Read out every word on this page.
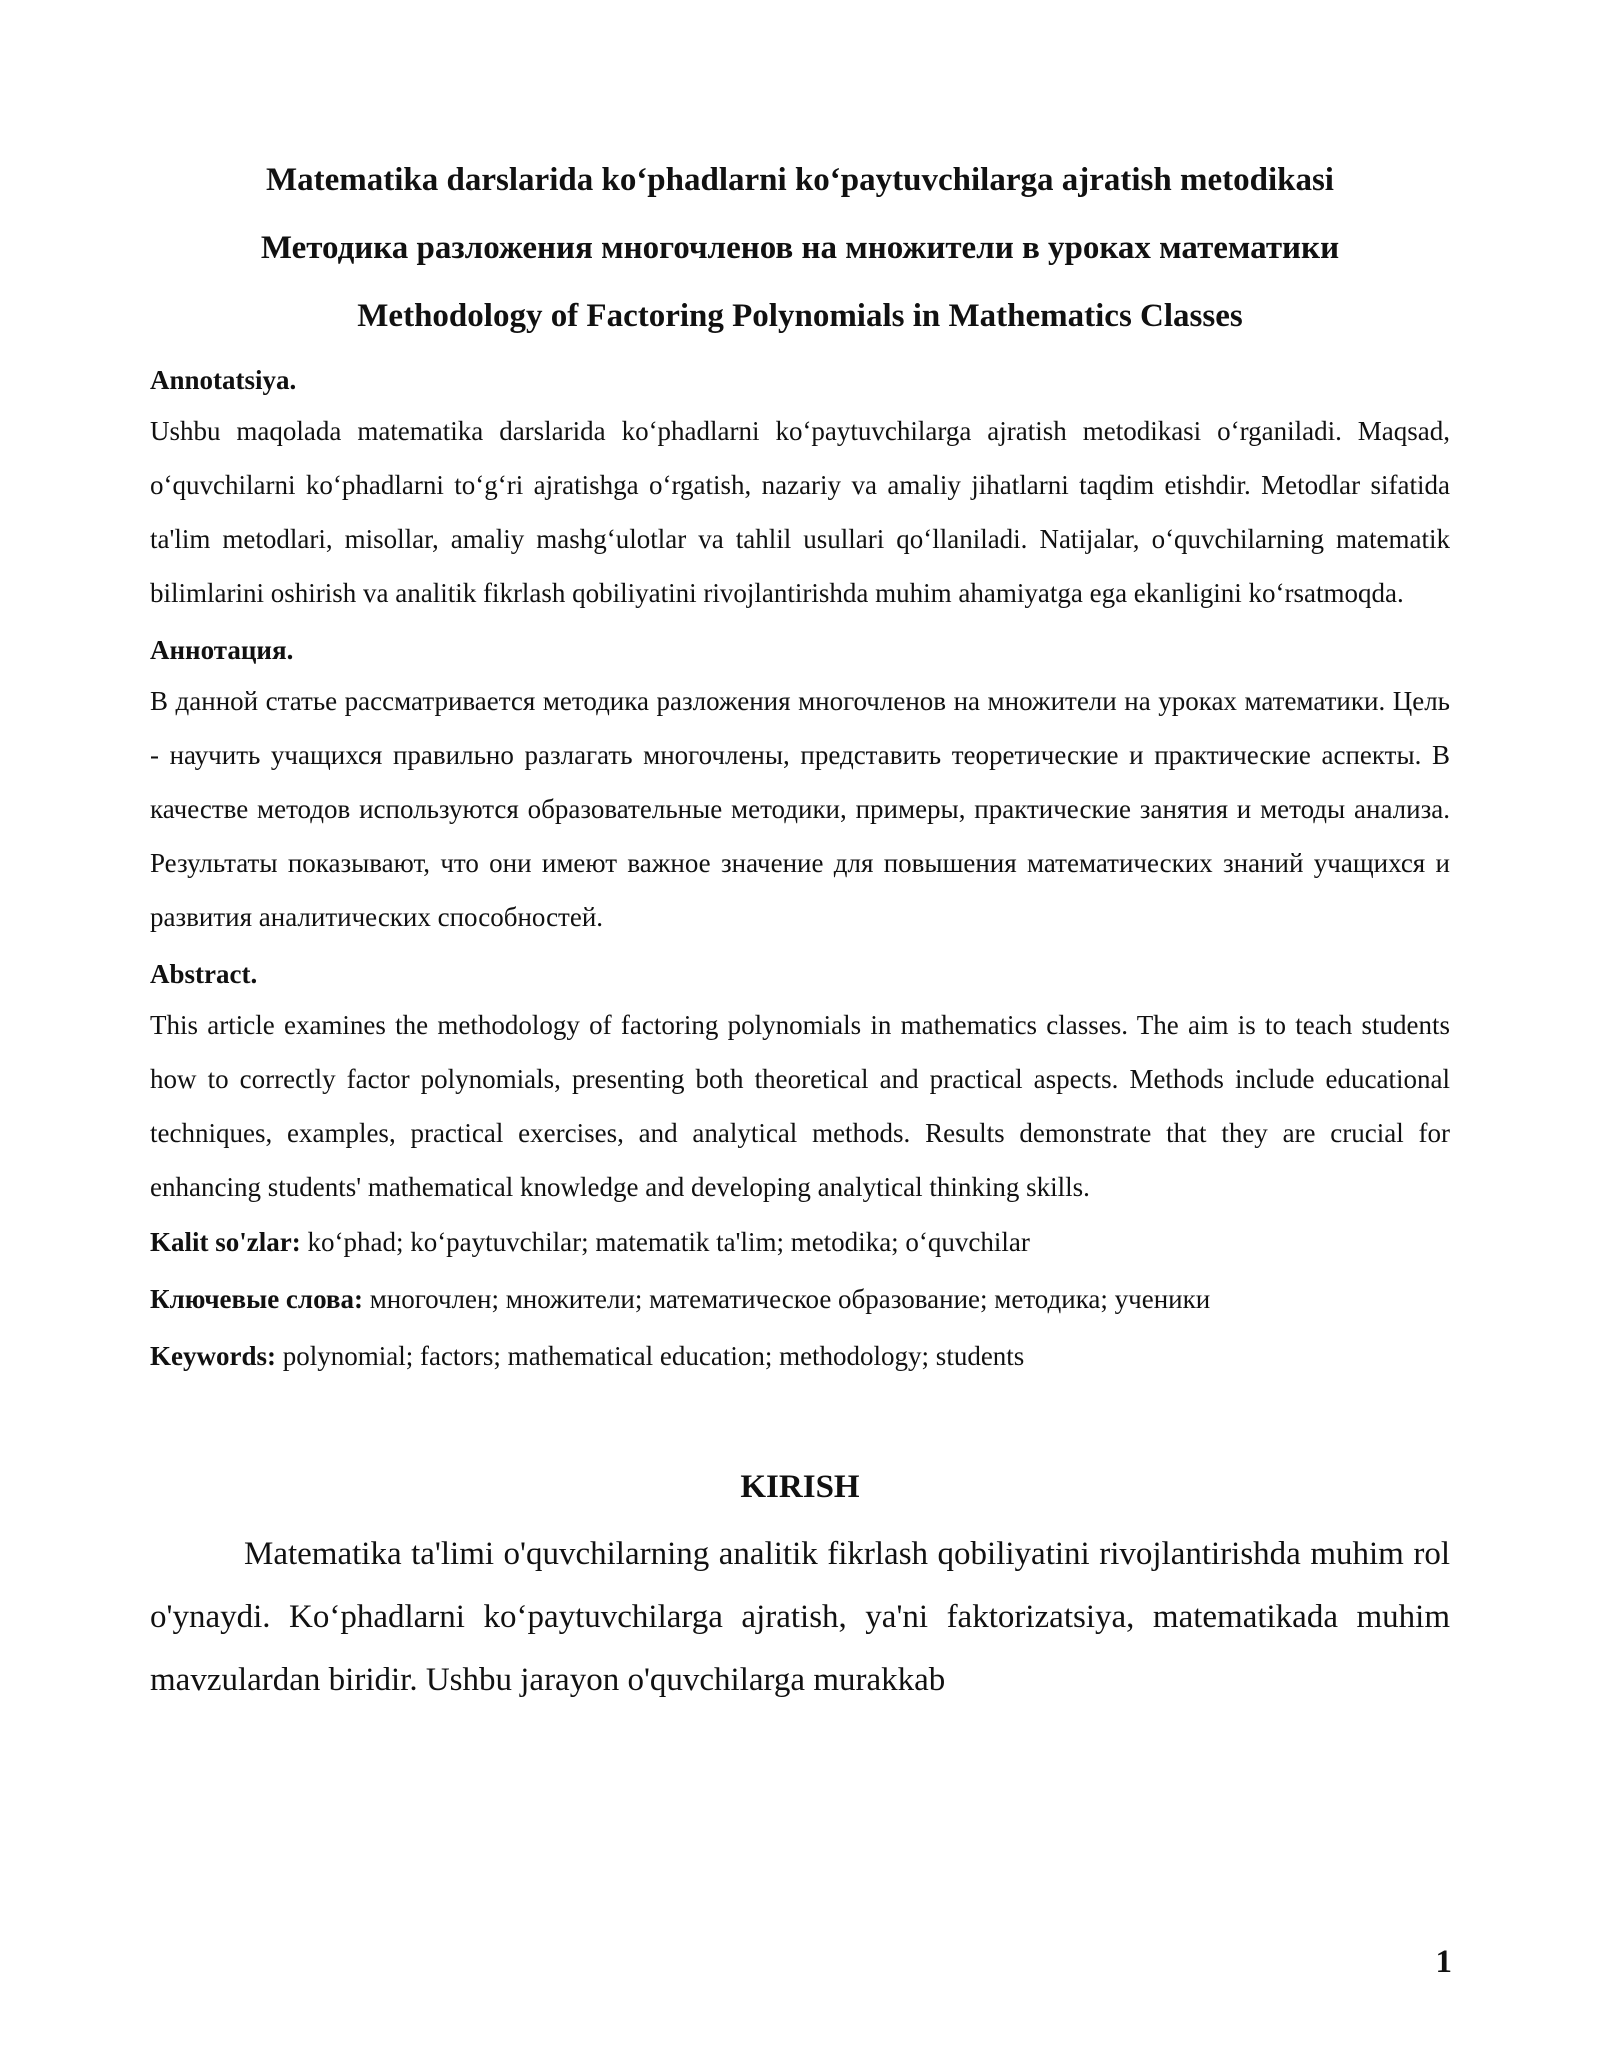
Matematika darslarida koʻphadlarni koʻpaytuvchilarga ajratish metodikasi

Методика разложения многочленов на множители в уроках математики

Methodology of Factoring Polynomials in Mathematics Classes

Annotatsiya.

Ushbu maqolada matematika darslarida koʻphadlarni koʻpaytuvchilarga ajratish metodikasi oʻrganiladi. Maqsad, oʻquvchilarni koʻphadlarni toʻgʻri ajratishga oʻrgatish, nazariy va amaliy jihatlarni taqdim etishdir. Metodlar sifatida ta'lim metodlari, misollar, amaliy mashgʻulotlar va tahlil usullari qoʻllaniladi. Natijalar, oʻquvchilarning matematik bilimlarini oshirish va analitik fikrlash qobiliyatini rivojlantirishda muhim ahamiyatga ega ekanligini koʻrsatmoqda.

Аннотация.

В данной статье рассматривается методика разложения многочленов на множители на уроках математики. Цель - научить учащихся правильно разлагать многочлены, представить теоретические и практические аспекты. В качестве методов используются образовательные методики, примеры, практические занятия и методы анализа. Результаты показывают, что они имеют важное значение для повышения математических знаний учащихся и развития аналитических способностей.

Abstract.

This article examines the methodology of factoring polynomials in mathematics classes. The aim is to teach students how to correctly factor polynomials, presenting both theoretical and practical aspects. Methods include educational techniques, examples, practical exercises, and analytical methods. Results demonstrate that they are crucial for enhancing students' mathematical knowledge and developing analytical thinking skills.

Kalit so'zlar: koʻphad; koʻpaytuvchilar; matematik ta'lim; metodika; oʻquvchilar

Ключевые слова: многочлен; множители; математическое образование; методика; ученики

Keywords: polynomial; factors; mathematical education; methodology; students

KIRISH

Matematika ta'limi o'quvchilarning analitik fikrlash qobiliyatini rivojlantirishda muhim rol o'ynaydi. Koʻphadlarni koʻpaytuvchilarga ajratish, ya'ni faktorizatsiya, matematikada muhim mavzulardan biridir. Ushbu jarayon o'quvchilarga murakkab

1
